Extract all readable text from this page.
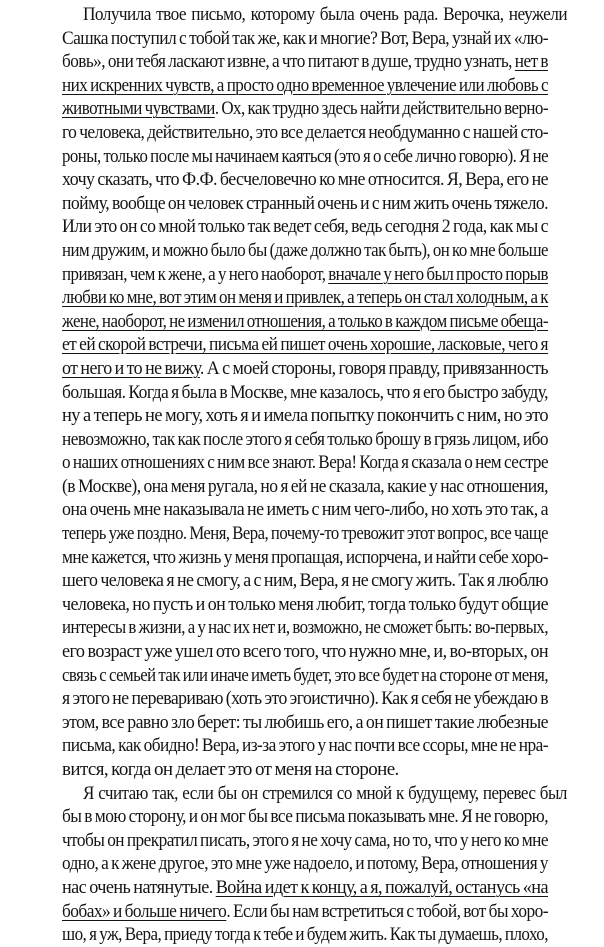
Получила твое письмо, которому была очень рада. Верочка, неужели
Сашка поступил с тобой так же, как и многие? Вот, Вера, узнай их «лю-
бовь», они тебя ласкают извне, а что питают в душе, трудно узнать, нет в
них искренних чувств, а просто одно временное увлечение или любовь с
животными чувствами. Ох, как трудно здесь найти действительно верно-
го человека, действительно, это все делается необдуманно с нашей сто-
роны, только после мы начинаем каяться (это я о себе лично говорю). Я не
хочу сказать, что Ф.Ф. бесчеловечно ко мне относится. Я, Вера, его не
пойму, вообще он человек странный очень и с ним жить очень тяжело.
Или это он со мной только так ведет себя, ведь сегодня 2 года, как мы с
ним дружим, и можно было бы (даже должно так быть), он ко мне больше
привязан, чем к жене, а у него наоборот, вначале у него был просто порыв
любви ко мне, вот этим он меня и привлек, а теперь он стал холодным, а к
жене, наоборот, не изменил отношения, а только в каждом письме обеща-
ет ей скорой встречи, письма ей пишет очень хорошие, ласковые, чего я
от него и то не вижу. А с моей стороны, говоря правду, привязанность
большая. Когда я была в Москве, мне казалось, что я его быстро забуду,
ну а теперь не могу, хоть я и имела попытку покончить с ним, но это
невозможно, так как после этого я себя только брошу в грязь лицом, ибо
о наших отношениях с ним все знают. Вера! Когда я сказала о нем сестре
(в Москве), она меня ругала, но я ей не сказала, какие у нас отношения,
она очень мне наказывала не иметь с ним чего-либо, но хоть это так, а
теперь уже поздно. Меня, Вера, почему-то тревожит этот вопрос, все чаще
мне кажется, что жизнь у меня пропащая, испорчена, и найти себе хоро-
шего человека я не смогу, а с ним, Вера, я не смогу жить. Так я люблю
человека, но пусть и он только меня любит, тогда только будут общие
интересы в жизни, а у нас их нет и, возможно, не сможет быть: во-первых,
его возраст уже ушел ото всего того, что нужно мне, и, во-вторых, он
связь с семьей так или иначе иметь будет, это все будет на стороне от меня,
я этого не перевариваю (хоть это эгоистично). Как я себя не убеждаю в
этом, все равно зло берет: ты любишь его, а он пишет такие любезные
письма, как обидно! Вера, из-за этого у нас почти все ссоры, мне не нра-
вится, когда он делает это от меня на стороне.
Я считаю так, если бы он стремился со мной к будущему, перевес был
бы в мою сторону, и он мог бы все письма показывать мне. Я не говорю,
чтобы он прекратил писать, этого я не хочу сама, но то, что у него ко мне
одно, а к жене другое, это мне уже надоело, и потому, Вера, отношения у
нас очень натянутые. Война идет к концу, а я, пожалуй, останусь «на
бобах» и больше ничего. Если бы нам встретиться с тобой, вот бы хоро-
шо, я уж, Вера, приеду тогда к тебе и будем жить. Как ты думаешь, плохо,
